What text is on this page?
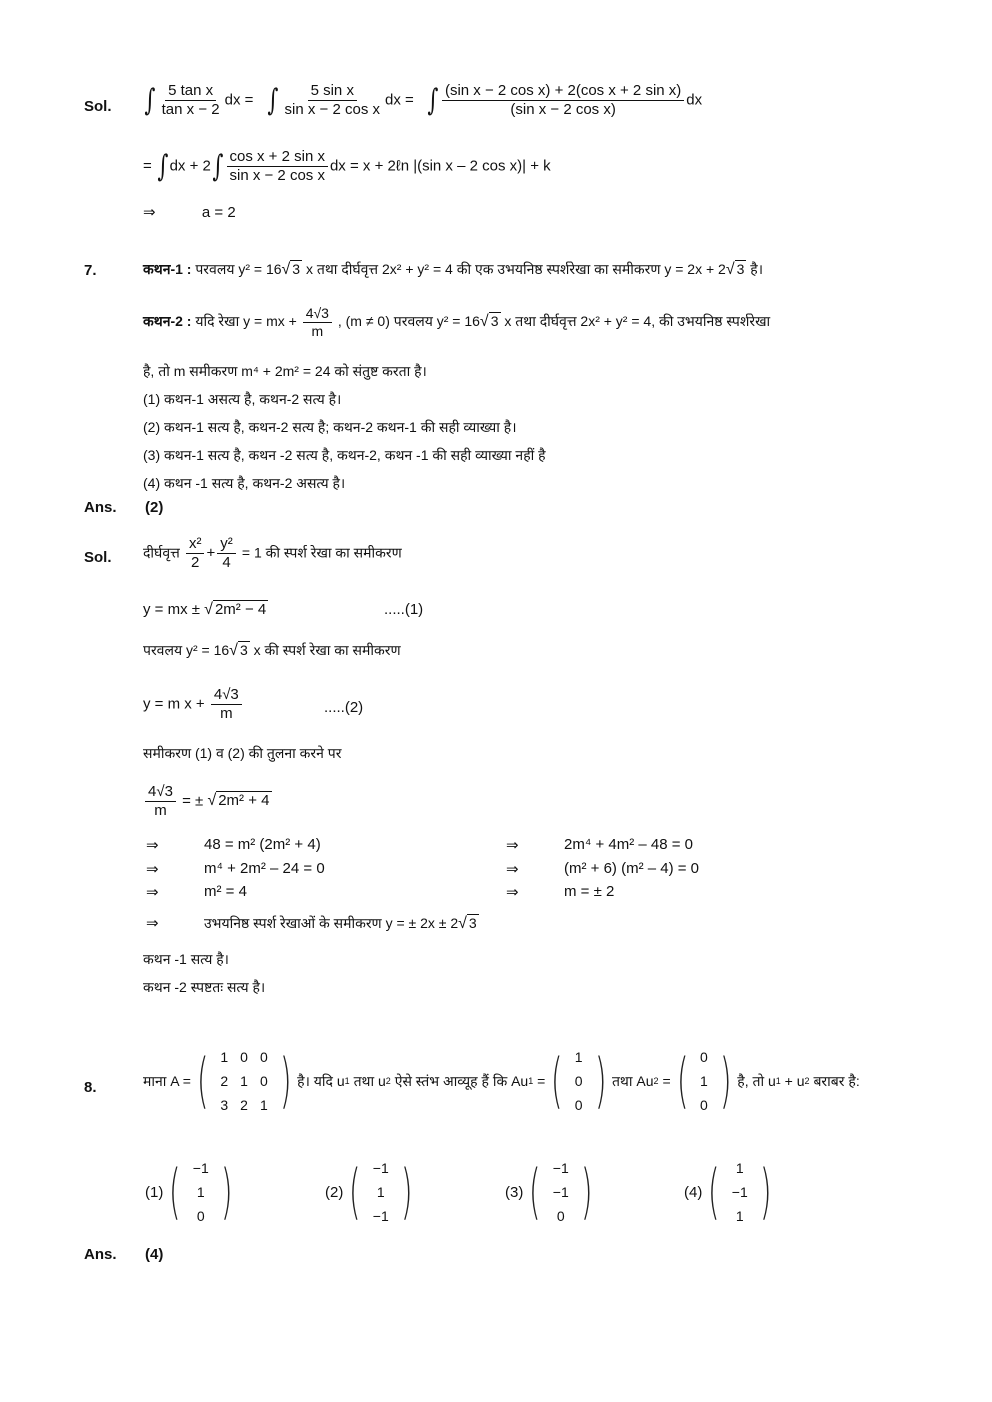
Sol. ∫ $\frac{\text{5 tan x}}{\text{tan x − 2}}$ dx = ∫ $\frac{\text{5 sin x}}{\text{sin x − 2 cos x}}$ dx = ∫ $\frac{\text{(sin x − 2 cos x) + 2(cos x + 2 sin x)}}{\text{(sin x − 2 cos x)}}$ dx
= $\int dx + 2\int \frac{\text{cos x + 2 sin x}}{\text{sin x − 2 cos x}}$ dx = x + 2ℓn |(sin x – 2 cos x)| + k
⇒	a = 2
7.	कथन-1 : परवलय y² = 16√ 3 x तथा दीर्घवृत्त 2x² + y² = 4 की एक उभयनिष्ठ स्पर्शरेखा का समीकरण y = 2x + 2√ 3 है।
कथन-2 : यदि रेखा y = mx + $\frac{4√3}{m}$ , (m ≠ 0) परवलय y² = 16√ 3 x तथा दीर्घवृत्त 2x² + y² = 4, की उभयनिष्ठ स्पर्शरेखा
है, तो m समीकरण m⁴ + 2m² = 24 को संतुष्ट करता है।
(1) कथन-1 असत्य है, कथन-2 सत्य है।
(2) कथन-1 सत्य है, कथन-2 सत्य है; कथन-2 कथन-1 की सही व्याख्या है।
(3) कथन-1 सत्य है, कथन -2 सत्य है, कथन-2, कथन -1 की सही व्याख्या नहीं है
(4) कथन -1 सत्य है, कथन-2 असत्य है।
Ans. (2)
Sol. दीर्घवृत्त $\frac{\text{x²}}{2} + \frac{\text{y²}}{4} = 1$ की स्पर्श रेखा का समीकरण
y = mx ± √ 2m² − 4	.....(1)
परवलय y² = 16√ 3 x की स्पर्श रेखा का समीकरण
y = m $x + \frac{4√3}{m}$	.....(2)
समीकरण (1) व (2) की तुलना करने पर
$\frac{4√3}{m}$ = ± √ 2m² + 4
⇒	48 = m² (2m² + 4)	⇒	2m⁴ + 4m² – 48 = 0
⇒	m⁴ + 2m² – 24 = 0	⇒	(m² + 6) (m² – 4) = 0
⇒	m² = 4	⇒	m = ± 2
⇒	उभयनिष्ठ स्पर्श रेखाओं के समीकरण y = ± 2x ± 2√ 3
कथन -1 सत्य है।
कथन -2 स्पष्टतः सत्य है।
8.	माना A = ( 1	0	0
2	1	0
3	2	1 ) है। यदि u 1
तथा u 2
ऐसे स्तंभ आव्यूह हैं कि Au 1
= ( 1
0
0 ) तथा Au 2
= ( 0
1
0 ) है, तो u 1
+ u 2
बराबर है:
(1) ( −1
1
0 )	(2) ( −1
1
−1 )	(3) ( −1
−1
0 )	(4) ( 1
−1
1 )
Ans. (4)
